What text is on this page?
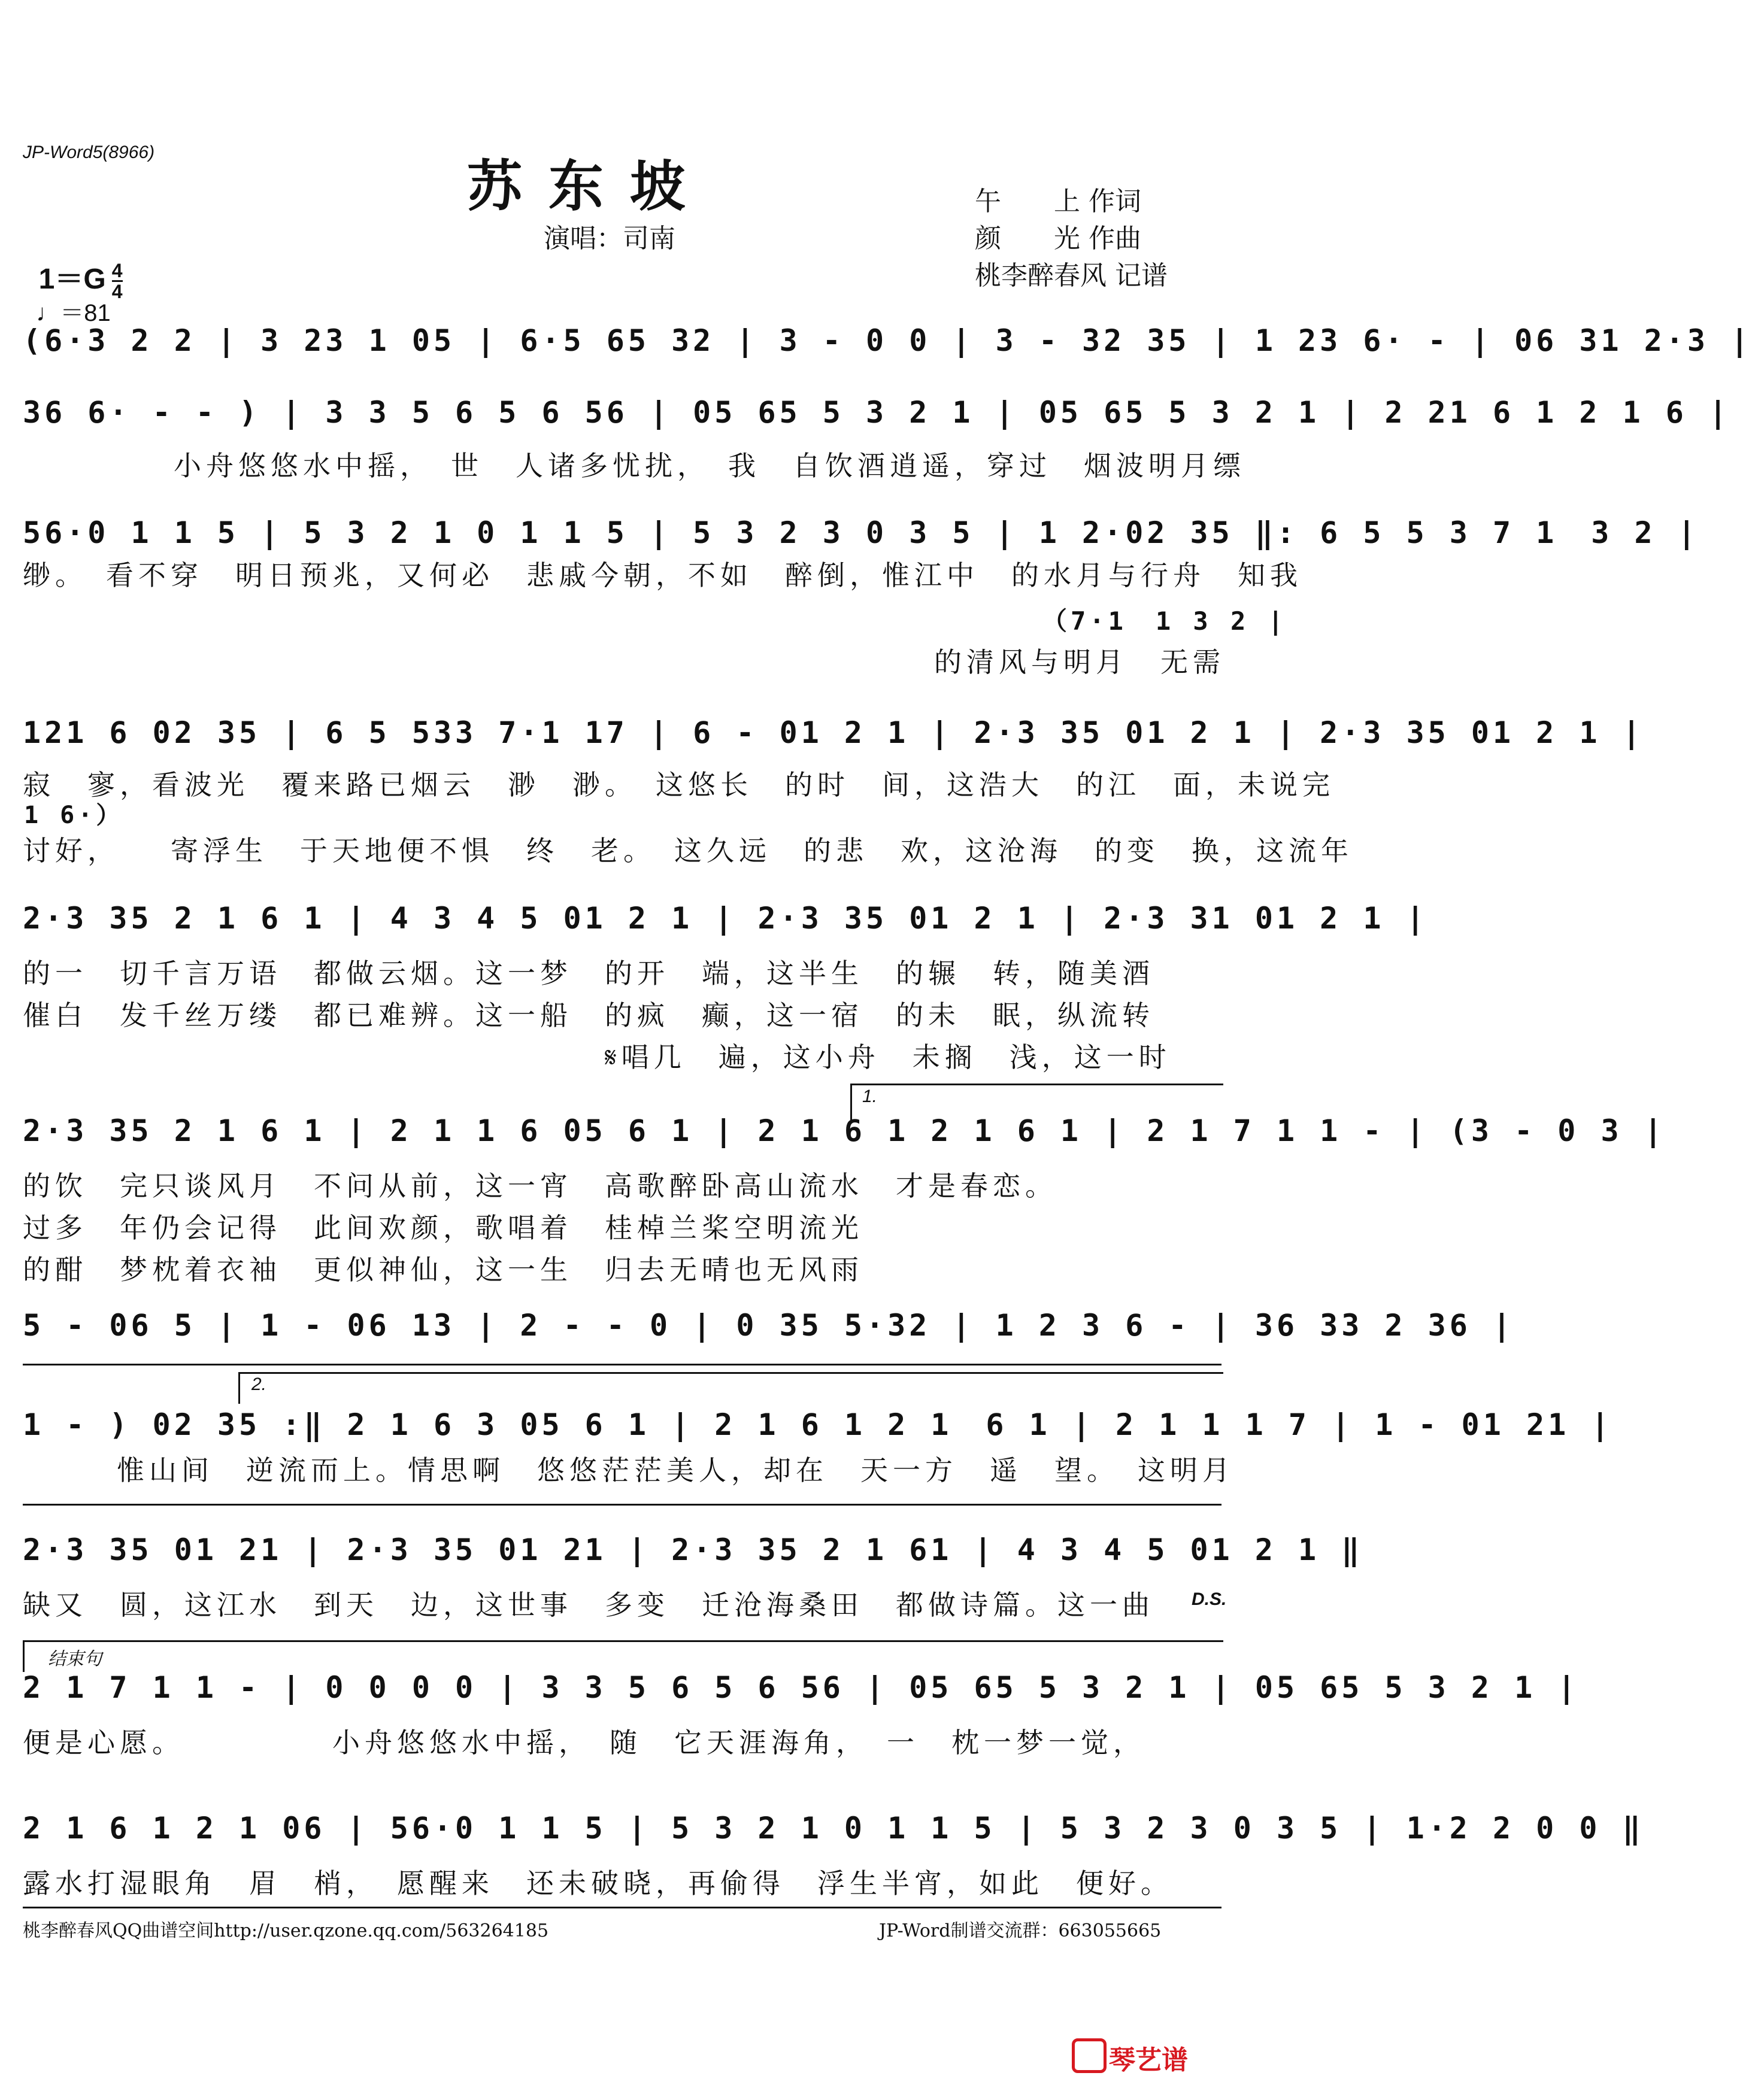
JP-Word5(8966)
苏东坡
演唱：司南
午　　上 作词
颜　　光 作曲
桃李醉春风 记谱

$1=G \frac{4}{4}$

♩＝81

(6·3 2 2 | 3 23 1 05 | 6·5 65 32 | 3 - 0 0 | 3 - 32 35 | 1 23 6· - | 06 31 2·3 |
36 6· - - ) | 3 3 5 6 5 6 56 | 05 65 5 3 2 1 | 05 65 5 3 2 1 | 2 21 6 1 2 1 6 |
小舟悠悠水中摇，　世　人诸多忧扰，　我　自饮酒逍遥，穿过　烟波明月缥
56·0 1 1 5 | 5 3 2 1 0 1 1 5 | 5 3 2 3 0 3 5 | 1 2·02 35 ‖: 6 5 5 3 7 1　3 2 |
缈。　看不穿　明日预兆，又何必　悲戚今朝，不如　醉倒，惟江中　的水月与行舟　知我
（7·1　1 3 2 |
的清风与明月　无需
121 6 02 35 | 6 5 533 7·1 17 | 6 - 01 2 1 | 2·3 35 01 2 1 | 2·3 35 01 2 1 |
寂　寥，看波光　覆来路已烟云　渺　渺。　这悠长　的时　间，这浩大　的江　面，未说完
1 6·）
讨好，　　寄浮生　于天地便不惧　终　老。　这久远　的悲　欢，这沧海　的变　换，这流年
2·3 35 2 1 6 1 | 4 3 4 5 01 2 1 | 2·3 35 01 2 1 | 2·3 31 01 2 1 |
的一　切千言万语　都做云烟。这一梦　的开　端，这半生　的辗　转，随美酒
催白　发千丝万缕　都已难辨。这一船　的疯　癫，这一宿　的未　眠，纵流转
𝄋唱几　遍，这小舟　未搁　浅，这一时
1.
2·3 35 2 1 6 1 | 2 1 1 6 05 6 1 | 2 1 6 1 2 1 6 1 | 2 1 7 1 1 - | (3 - 0 3 |
的饮　完只谈风月　不问从前，这一宵　高歌醉卧高山流水　才是春恋。
过多　年仍会记得　此间欢颜，歌唱着　桂棹兰桨空明流光
的酣　梦枕着衣袖　更似神仙，这一生　归去无晴也无风雨
5 - 06 5 | 1 - 06 13 | 2 - - 0 | 0 35 5·32 | 1 2 3 6 - | 36 33 2 36 |
2.
1 - ) 02 35 :‖ 2 1 6 3 05 6 1 | 2 1 6 1 2 1　6 1 | 2 1 1 1 7 | 1 - 01 21 |
惟山间　逆流而上。情思啊　悠悠茫茫美人，却在　天一方　遥　望。　这明月
2·3 35 01 21 | 2·3 35 01 21 | 2·3 35 2 1 61 | 4 3 4 5 01 2 1 ‖
缺又　圆，这江水　到天　边，这世事　多变　迁沧海桑田　都做诗篇。这一曲 D.S.
结束句
2 1 7 1 1 - | 0 0 0 0 | 3 3 5 6 5 6 56 | 05 65 5 3 2 1 | 05 65 5 3 2 1 |
便是心愿。　　　　　小舟悠悠水中摇，　随　它天涯海角，　一　枕一梦一觉，
2 1 6 1 2 1 06 | 56·0 1 1 5 | 5 3 2 1 0 1 1 5 | 5 3 2 3 0 3 5 | 1·2 2 0 0 ‖
露水打湿眼角　眉　梢，　愿醒来　还未破晓，再偷得　浮生半宵，如此　便好。
桃李醉春风QQ曲谱空间http://user.qzone.qq.com/563264185	JP-Word制谱交流群：663055665
琴艺谱
